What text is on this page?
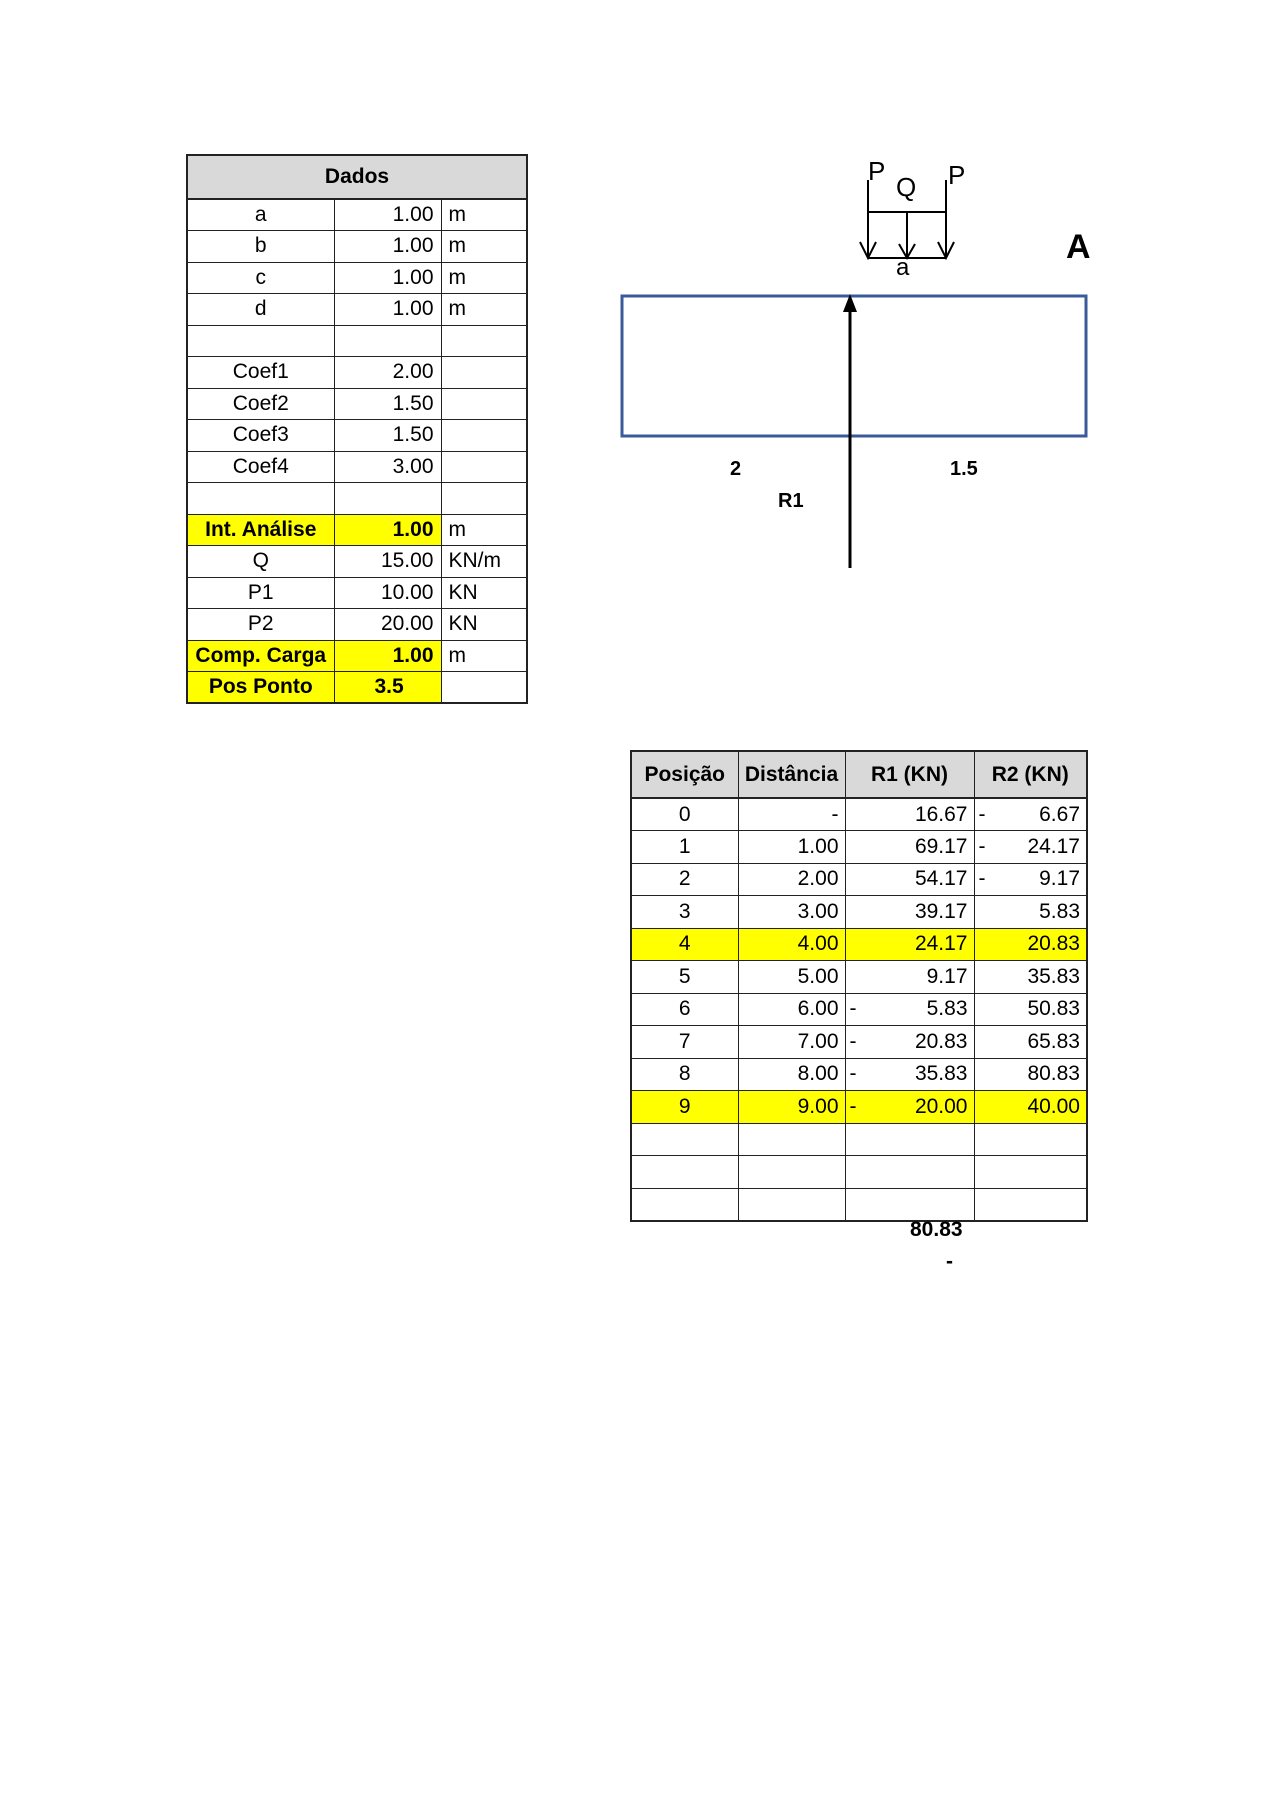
Dados		
a	1.00	m
b	1.00	m
c	1.00	m
d	1.00	m

Coef1	2.00	
Coef2	1.50	
Coef3	1.50	
Coef4	3.00	

Int. Análise	1.00	m
Q	15.00	KN/m
P1	10.00	KN
P2	20.00	KN
Comp. Carga	1.00	m
Pos Ponto	3.5	
P
Q P
a
A
2	1.5
R1
Posição	Distância	R1 (KN)	R2 (KN)
0	-	16.67	- 6.67
1	1.00	69.17	- 24.17
2	2.00	54.17	- 9.17
3	3.00	39.17	5.83
4	4.00	24.17	20.83
5	5.00	9.17	35.83
6	6.00	- 5.83	50.83
7	7.00	- 20.83	65.83
8	8.00	- 35.83	80.83
9	9.00	- 20.00	40.00

80.83
-
